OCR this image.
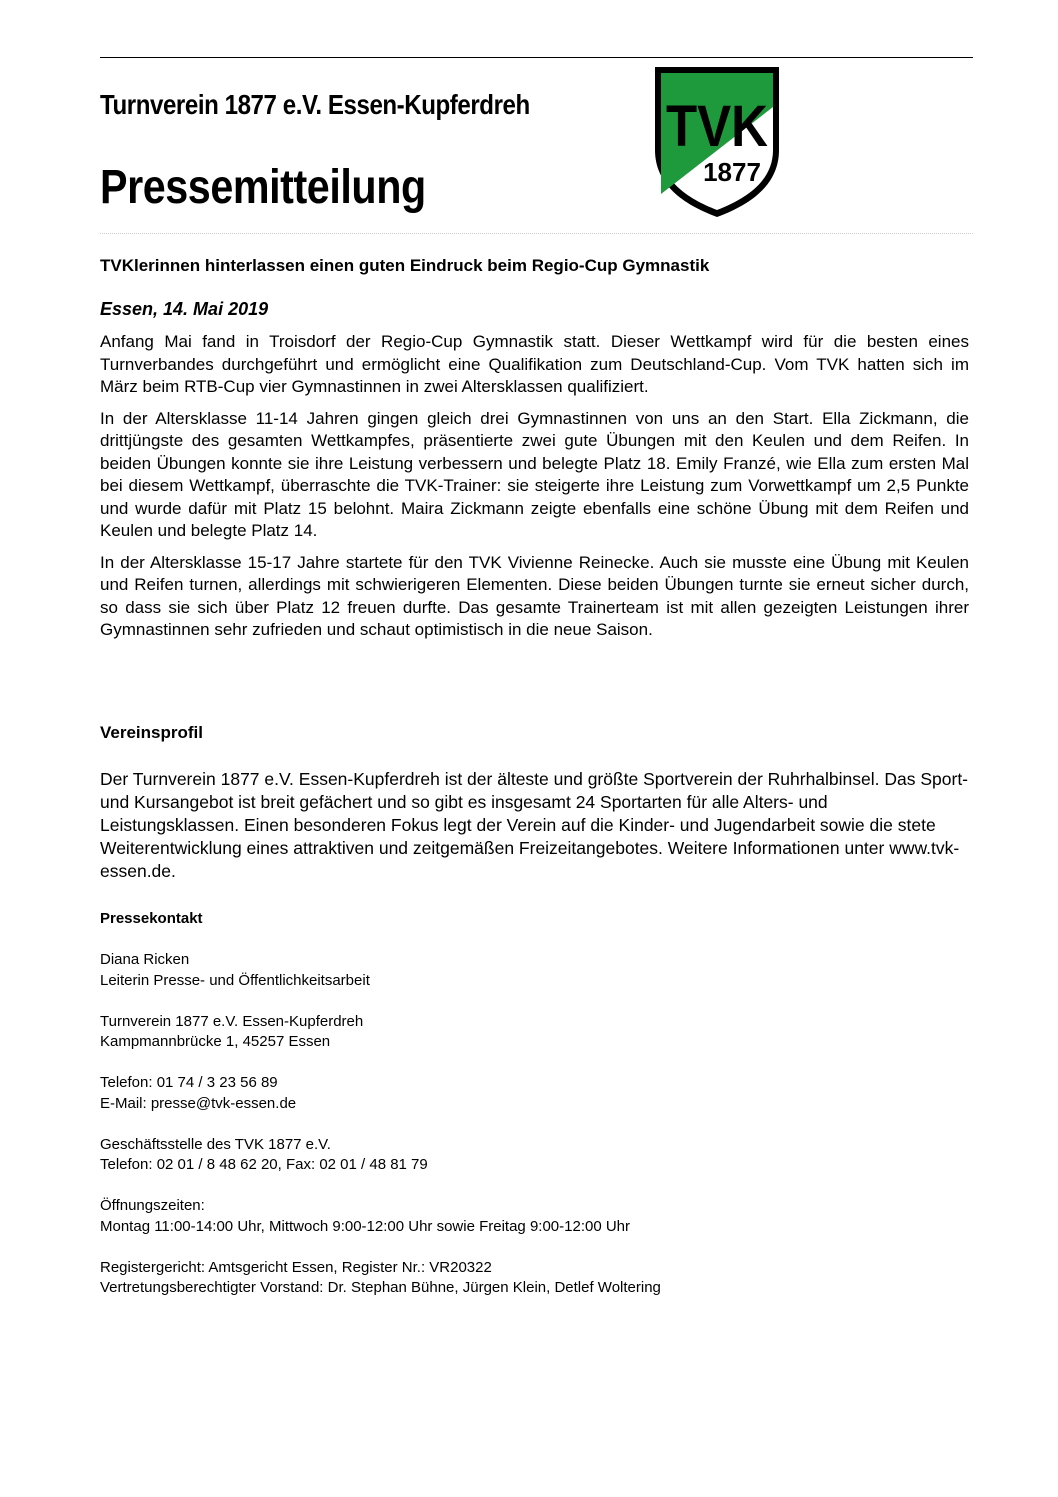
Turnverein 1877 e.V. Essen-Kupferdreh
Pressemitteilung
TVK
1877
TVKlerinnen hinterlassen einen guten Eindruck beim Regio-Cup Gymnastik
Essen, 14. Mai 2019

Anfang Mai fand in Troisdorf der Regio-Cup Gymnastik statt. Dieser Wettkampf wird für die besten eines Turnverbandes durchgeführt und ermöglicht eine Qualifikation zum Deutschland-Cup. Vom TVK hatten sich im März beim RTB-Cup vier Gymnastinnen in zwei Altersklassen qualifiziert.

In der Altersklasse 11-14 Jahren gingen gleich drei Gymnastinnen von uns an den Start. Ella Zickmann, die drittjüngste des gesamten Wettkampfes, präsentierte zwei gute Übungen mit den Keulen und dem Reifen. In beiden Übungen konnte sie ihre Leistung verbessern und belegte Platz 18. Emily Franzé, wie Ella zum ersten Mal bei diesem Wettkampf, überraschte die TVK-Trainer: sie steigerte ihre Leistung zum Vorwettkampf um 2,5 Punkte und wurde dafür mit Platz 15 belohnt. Maira Zickmann zeigte ebenfalls eine schöne Übung mit dem Reifen und Keulen und belegte Platz 14.

In der Altersklasse 15-17 Jahre startete für den TVK Vivienne Reinecke. Auch sie musste eine Übung mit Keulen und Reifen turnen, allerdings mit schwierigeren Elementen. Diese beiden Übungen turnte sie erneut sicher durch, so dass sie sich über Platz 12 freuen durfte. Das gesamte Trainerteam ist mit allen gezeigten Leistungen ihrer Gymnastinnen sehr zufrieden und schaut optimistisch in die neue Saison.

Vereinsprofil

Der Turnverein 1877 e.V. Essen-Kupferdreh ist der älteste und größte Sportverein der Ruhrhalbinsel. Das Sport- und Kursangebot ist breit gefächert und so gibt es insgesamt 24 Sportarten für alle Alters- und Leistungsklassen. Einen besonderen Fokus legt der Verein auf die Kinder- und Jugendarbeit sowie die stete Weiterentwicklung eines attraktiven und zeitgemäßen Freizeitangebotes. Weitere Informationen unter www.tvk-essen.de.

Pressekontakt
Diana Ricken
Leiterin Presse- und Öffentlichkeitsarbeit
Turnverein 1877 e.V. Essen-Kupferdreh
Kampmannbrücke 1, 45257 Essen
Telefon: 01 74 / 3 23 56 89
E-Mail: presse@tvk-essen.de
Geschäftsstelle des TVK 1877 e.V.
Telefon: 02 01 / 8 48 62 20, Fax: 02 01 / 48 81 79
Öffnungszeiten:
Montag 11:00-14:00 Uhr, Mittwoch 9:00-12:00 Uhr sowie Freitag 9:00-12:00 Uhr
Registergericht: Amtsgericht Essen, Register Nr.: VR20322
Vertretungsberechtigter Vorstand: Dr. Stephan Bühne, Jürgen Klein, Detlef Woltering
